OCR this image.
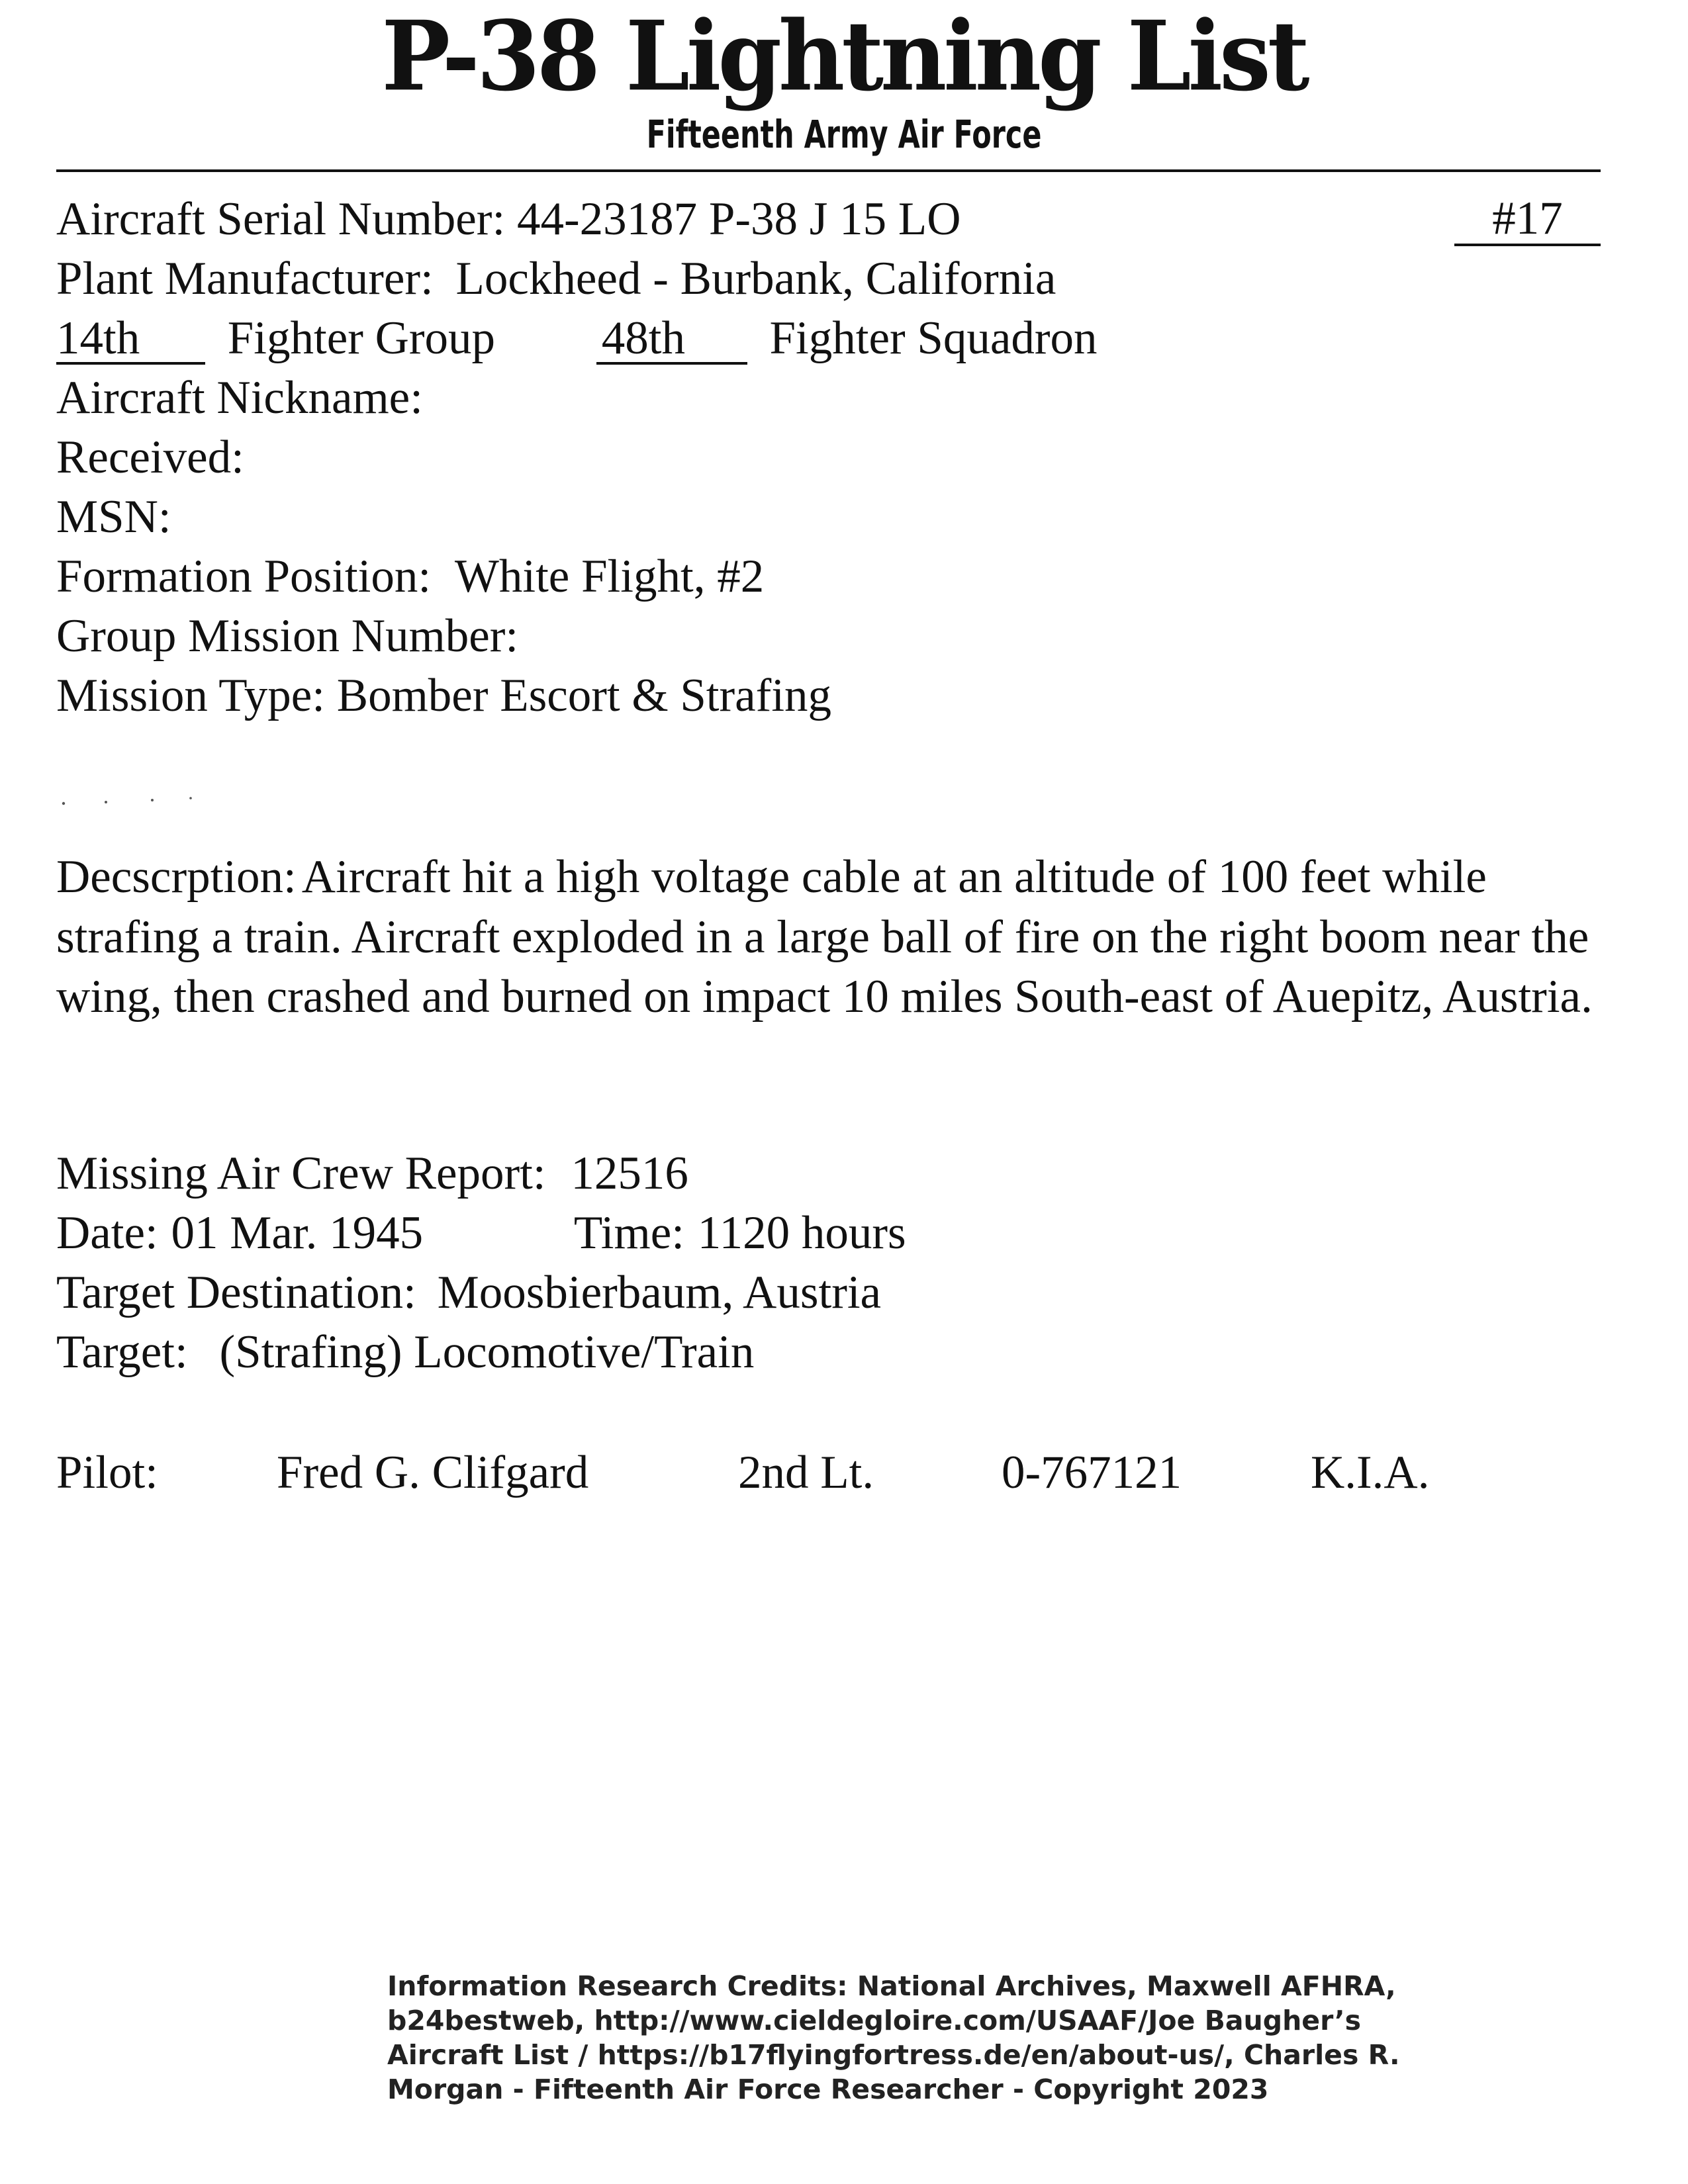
P-38 Lightning List
Fifteenth Army Air Force
#17
Aircraft Serial Number: 44-23187 P-38 J 15 LO
Plant Manufacturer: Lockheed - Burbank, California
14th Fighter Group 48th Fighter Squadron
Aircraft Nickname:
Received:
MSN:
Formation Position: White Flight, #2
Group Mission Number:
Mission Type: Bomber Escort & Strafing
Decscrption: Aircraft hit a high voltage cable at an altitude of 100 feet while strafing a train. Aircraft exploded in a large ball of fire on the right boom near the wing, then crashed and burned on impact 10 miles South-east of Auepitz, Austria.
Missing Air Crew Report: 12516
Date: 01 Mar. 1945	Time: 1120 hours
Target Destination: Moosbierbaum, Austria
Target: (Strafing) Locomotive/Train
Pilot:	Fred G. Clifgard	2nd Lt.	0-767121	K.I.A.
Information Research Credits: National Archives, Maxwell AFHRA,
b24bestweb, http://www.cieldegloire.com/USAAF/Joe Baugher’s
Aircraft List / https://b17flyingfortress.de/en/about-us/, Charles R.
Morgan - Fifteenth Air Force Researcher - Copyright 2023
